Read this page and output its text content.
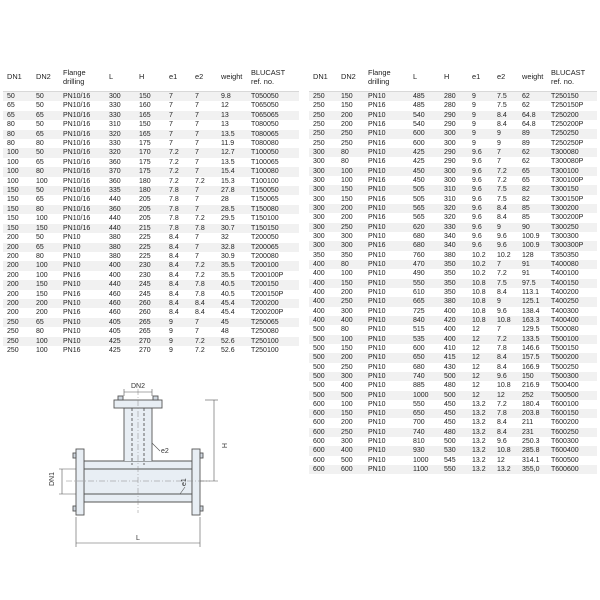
DN1	DN2	Flange
drilling	L	H	e1	e2	weight	BLUCAST
ref. no.
50	50	PN10/16	300	150	7	7	9.8	T050050
65	50	PN10/16	330	160	7	7	12	T065050
65	65	PN10/16	330	165	7	7	13	T065065
80	50	PN10/16	310	150	7	7	13	T080050
80	65	PN10/16	320	165	7	7	13.5	T080065
80	80	PN10/16	330	175	7	7	11.9	T080080
100	50	PN10/16	320	170	7.2	7	12.7	T100050
100	65	PN10/16	360	175	7.2	7	13.5	T100065
100	80	PN10/16	370	175	7.2	7	15.4	T100080
100	100	PN10/16	360	180	7.2	7.2	15.3	T100100
150	50	PN10/16	335	180	7.8	7	27.8	T150050
150	65	PN10/16	440	205	7.8	7	28	T150065
150	80	PN10/16	360	205	7.8	7	28.5	T150080
150	100	PN10/16	440	205	7.8	7.2	29.5	T150100
150	150	PN10/16	440	215	7.8	7.8	30.7	T150150
200	50	PN10	380	225	8.4	7	32	T200050
200	65	PN10	380	225	8.4	7	32.8	T200065
200	80	PN10	380	225	8.4	7	30.9	T200080
200	100	PN10	400	230	8.4	7.2	35.5	T200100
200	100	PN16	400	230	8.4	7.2	35.5	T200100P
200	150	PN10	440	245	8.4	7.8	40.5	T200150
200	150	PN16	460	245	8.4	7.8	40.5	T200150P
200	200	PN10	460	260	8.4	8.4	45.4	T200200
200	200	PN16	460	260	8.4	8.4	45.4	T200200P
250	65	PN10	405	265	9	7	45	T250065
250	80	PN10	405	265	9	7	48	T250080
250	100	PN10	425	270	9	7.2	52.6	T250100
250	100	PN16	425	270	9	7.2	52.6	T250100
DN1	DN2	Flange
drilling	L	H	e1	e2	weight	BLUCAST
ref. no.
250	150	PN10	485	280	9	7.5	62	T250150
250	150	PN16	485	280	9	7.5	62	T250150P
250	200	PN10	540	290	9	8.4	64.8	T250200
250	200	PN16	540	290	9	8.4	64.8	T250200P
250	250	PN10	600	300	9	9	89	T250250
250	250	PN16	600	300	9	9	89	T250250P
300	80	PN10	425	290	9.6	7	62	T300080
300	80	PN16	425	290	9.6	7	62	T300080P
300	100	PN10	450	300	9.6	7.2	65	T300100
300	100	PN16	450	300	9.6	7.2	65	T300100P
300	150	PN10	505	310	9.6	7.5	82	T300150
300	150	PN16	505	310	9.6	7.5	82	T300150P
300	200	PN10	565	320	9.6	8.4	85	T300200
300	200	PN16	565	320	9.6	8.4	85	T300200P
300	250	PN10	620	330	9.6	9	90	T300250
300	300	PN10	680	340	9.6	9.6	100.9	T300300
300	300	PN16	680	340	9.6	9.6	100.9	T300300P
350	350	PN10	760	380	10.2	10.2	128	T350350
400	80	PN10	470	350	10.2	7	91	T400080
400	100	PN10	490	350	10.2	7.2	91	T400100
400	150	PN10	550	350	10.8	7.5	97.5	T400150
400	200	PN10	610	350	10.8	8.4	113.1	T400200
400	250	PN10	665	380	10.8	9	125.1	T400250
400	300	PN10	725	400	10.8	9.6	138.4	T400300
400	400	PN10	840	420	10.8	10.8	163.3	T400400
500	80	PN10	515	400	12	7	129.5	T500080
500	100	PN10	535	400	12	7.2	133.5	T500100
500	150	PN10	600	410	12	7.8	146.6	T500150
500	200	PN10	650	415	12	8.4	157.5	T500200
500	250	PN10	680	430	12	8.4	166.9	T500250
500	300	PN10	740	500	12	9.6	150	T500300
500	400	PN10	885	480	12	10.8	216.9	T500400
500	500	PN10	1000	500	12	12	252	T500500
600	100	PN10	550	450	13.2	7.2	180.4	T600100
600	150	PN10	650	450	13.2	7.8	203.8	T600150
600	200	PN10	700	450	13.2	8.4	211	T600200
600	250	PN10	740	480	13.2	8.4	231	T600250
600	300	PN10	810	500	13.2	9.6	250.3	T600300
600	400	PN10	930	530	13.2	10.8	285.8	T600400
600	500	PN10	1000	545	13.2	12	314.1	T600500
600	600	PN10	1100	550	13.2	13.2	355,0	T600600
DN2
H
DN1
e2
e1
L
